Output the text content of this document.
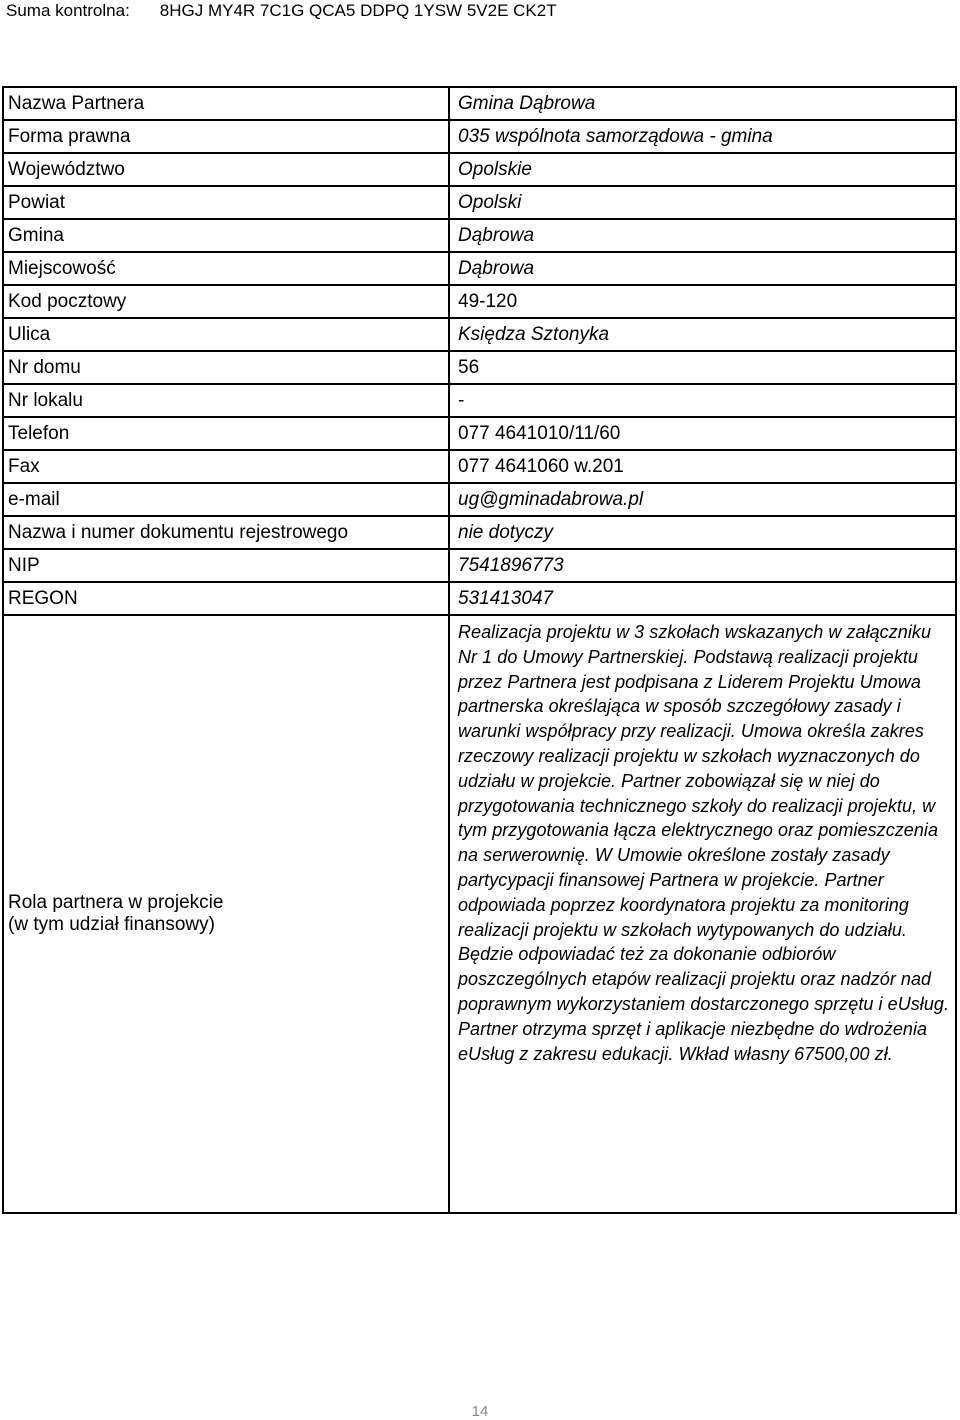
Suma kontrolna: 8HGJ MY4R 7C1G QCA5 DDPQ 1YSW 5V2E CK2T
Nazwa Partnera	Gmina Dąbrowa
Forma prawna	035 wspólnota samorządowa - gmina
Województwo	Opolskie
Powiat	Opolski
Gmina	Dąbrowa
Miejscowość	Dąbrowa
Kod pocztowy	49-120
Ulica	Księdza Sztonyka
Nr domu	56
Nr lokalu	-
Telefon	077 4641010/11/60
Fax	077 4641060 w.201
e-mail	ug@gminadabrowa.pl
Nazwa i numer dokumentu rejestrowego	nie dotyczy
NIP	7541896773
REGON	531413047
Rola partnera w projekcie
(w tym udział finansowy)	Realizacja projektu w 3 szkołach wskazanych w załączniku Nr 1 do Umowy Partnerskiej. Podstawą realizacji projektu przez Partnera jest podpisana z Liderem Projektu Umowa partnerska określająca w sposób szczegółowy zasady i warunki współpracy przy realizacji. Umowa określa zakres rzeczowy realizacji projektu w szkołach wyznaczonych do udziału w projekcie. Partner zobowiązał się w niej do przygotowania technicznego szkoły do realizacji projektu, w tym przygotowania łącza elektrycznego oraz pomieszczenia na serwerownię. W Umowie określone zostały zasady partycypacji finansowej Partnera w projekcie. Partner odpowiada poprzez koordynatora projektu za monitoring realizacji projektu w szkołach wytypowanych do udziału. Będzie odpowiadać też za dokonanie odbiorów poszczególnych etapów realizacji projektu oraz nadzór nad poprawnym wykorzystaniem dostarczonego sprzętu i eUsług. Partner otrzyma sprzęt i aplikacje niezbędne do wdrożenia eUsług z zakresu edukacji. Wkład własny 67500,00 zł.
14
